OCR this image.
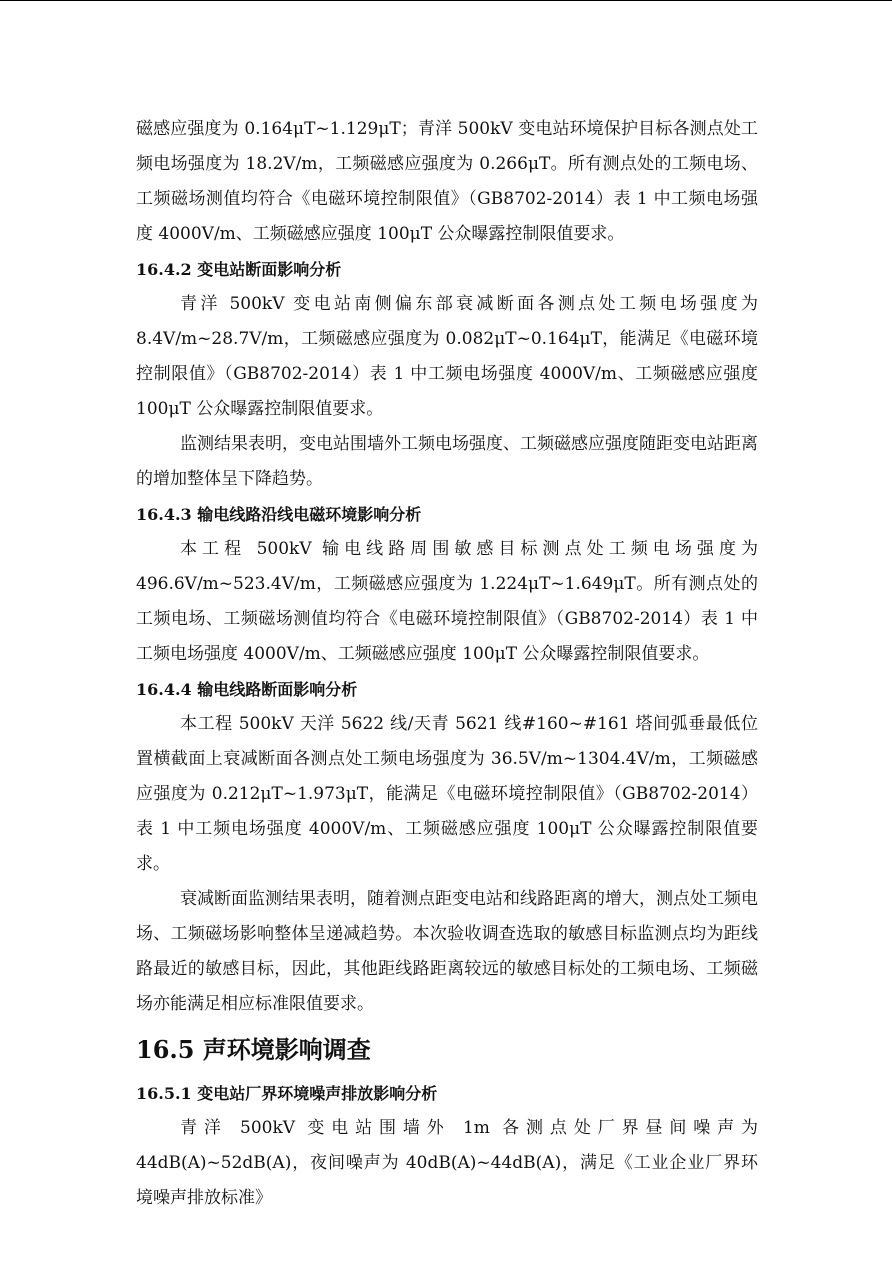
磁感应强度为 0.164μT~1.129μT；青洋 500kV 变电站环境保护目标各测点处工频电场强度为 18.2V/m，工频磁感应强度为 0.266μT。所有测点处的工频电场、工频磁场测值均符合《电磁环境控制限值》（GB8702-2014）表 1 中工频电场强度 4000V/m、工频磁感应强度 100μT 公众曝露控制限值要求。

16.4.2 变电站断面影响分析

青洋 500kV 变电站南侧偏东部衰减断面各测点处工频电场强度为 8.4V/m~28.7V/m，工频磁感应强度为 0.082μT~0.164μT，能满足《电磁环境控制限值》（GB8702-2014）表 1 中工频电场强度 4000V/m、工频磁感应强度 100μT 公众曝露控制限值要求。

监测结果表明，变电站围墙外工频电场强度、工频磁感应强度随距变电站距离的增加整体呈下降趋势。

16.4.3 输电线路沿线电磁环境影响分析

本工程 500kV 输电线路周围敏感目标测点处工频电场强度为 496.6V/m~523.4V/m，工频磁感应强度为 1.224μT~1.649μT。所有测点处的工频电场、工频磁场测值均符合《电磁环境控制限值》（GB8702-2014）表 1 中工频电场强度 4000V/m、工频磁感应强度 100μT 公众曝露控制限值要求。

16.4.4 输电线路断面影响分析

本工程 500kV 天洋 5622 线/天青 5621 线#160~#161 塔间弧垂最低位置横截面上衰减断面各测点处工频电场强度为 36.5V/m~1304.4V/m，工频磁感应强度为 0.212μT~1.973μT，能满足《电磁环境控制限值》（GB8702-2014）表 1 中工频电场强度 4000V/m、工频磁感应强度 100μT 公众曝露控制限值要求。

衰减断面监测结果表明，随着测点距变电站和线路距离的增大，测点处工频电场、工频磁场影响整体呈递减趋势。本次验收调查选取的敏感目标监测点均为距线路最近的敏感目标，因此，其他距线路距离较远的敏感目标处的工频电场、工频磁场亦能满足相应标准限值要求。

16.5 声环境影响调查
16.5.1 变电站厂界环境噪声排放影响分析

青洋 500kV 变电站围墙外 1m 各测点处厂界昼间噪声为 44dB(A)~52dB(A)，夜间噪声为 40dB(A)~44dB(A)，满足《工业企业厂界环境噪声排放标准》
